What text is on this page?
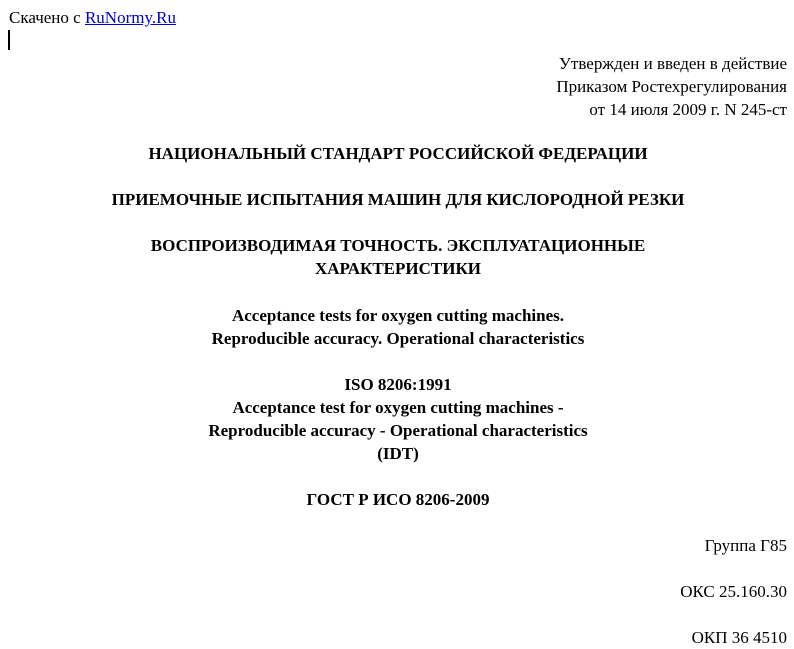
Скачено с RuNormy.Ru
Утвержден и введен в действие
Приказом Ростехрегулирования
от 14 июля 2009 г. N 245-ст
НАЦИОНАЛЬНЫЙ СТАНДАРТ РОССИЙСКОЙ ФЕДЕРАЦИИ
ПРИЕМОЧНЫЕ ИСПЫТАНИЯ МАШИН ДЛЯ КИСЛОРОДНОЙ РЕЗКИ
ВОСПРОИЗВОДИМАЯ ТОЧНОСТЬ. ЭКСПЛУАТАЦИОННЫЕ
ХАРАКТЕРИСТИКИ
Acceptance tests for oxygen cutting machines.
Reproducible accuracy. Operational characteristics
ISO 8206:1991
Acceptance test for oxygen cutting machines -
Reproducible accuracy - Operational characteristics
(IDT)
ГОСТ Р ИСО 8206-2009
Группа Г85
ОКС 25.160.30
ОКП 36 4510
